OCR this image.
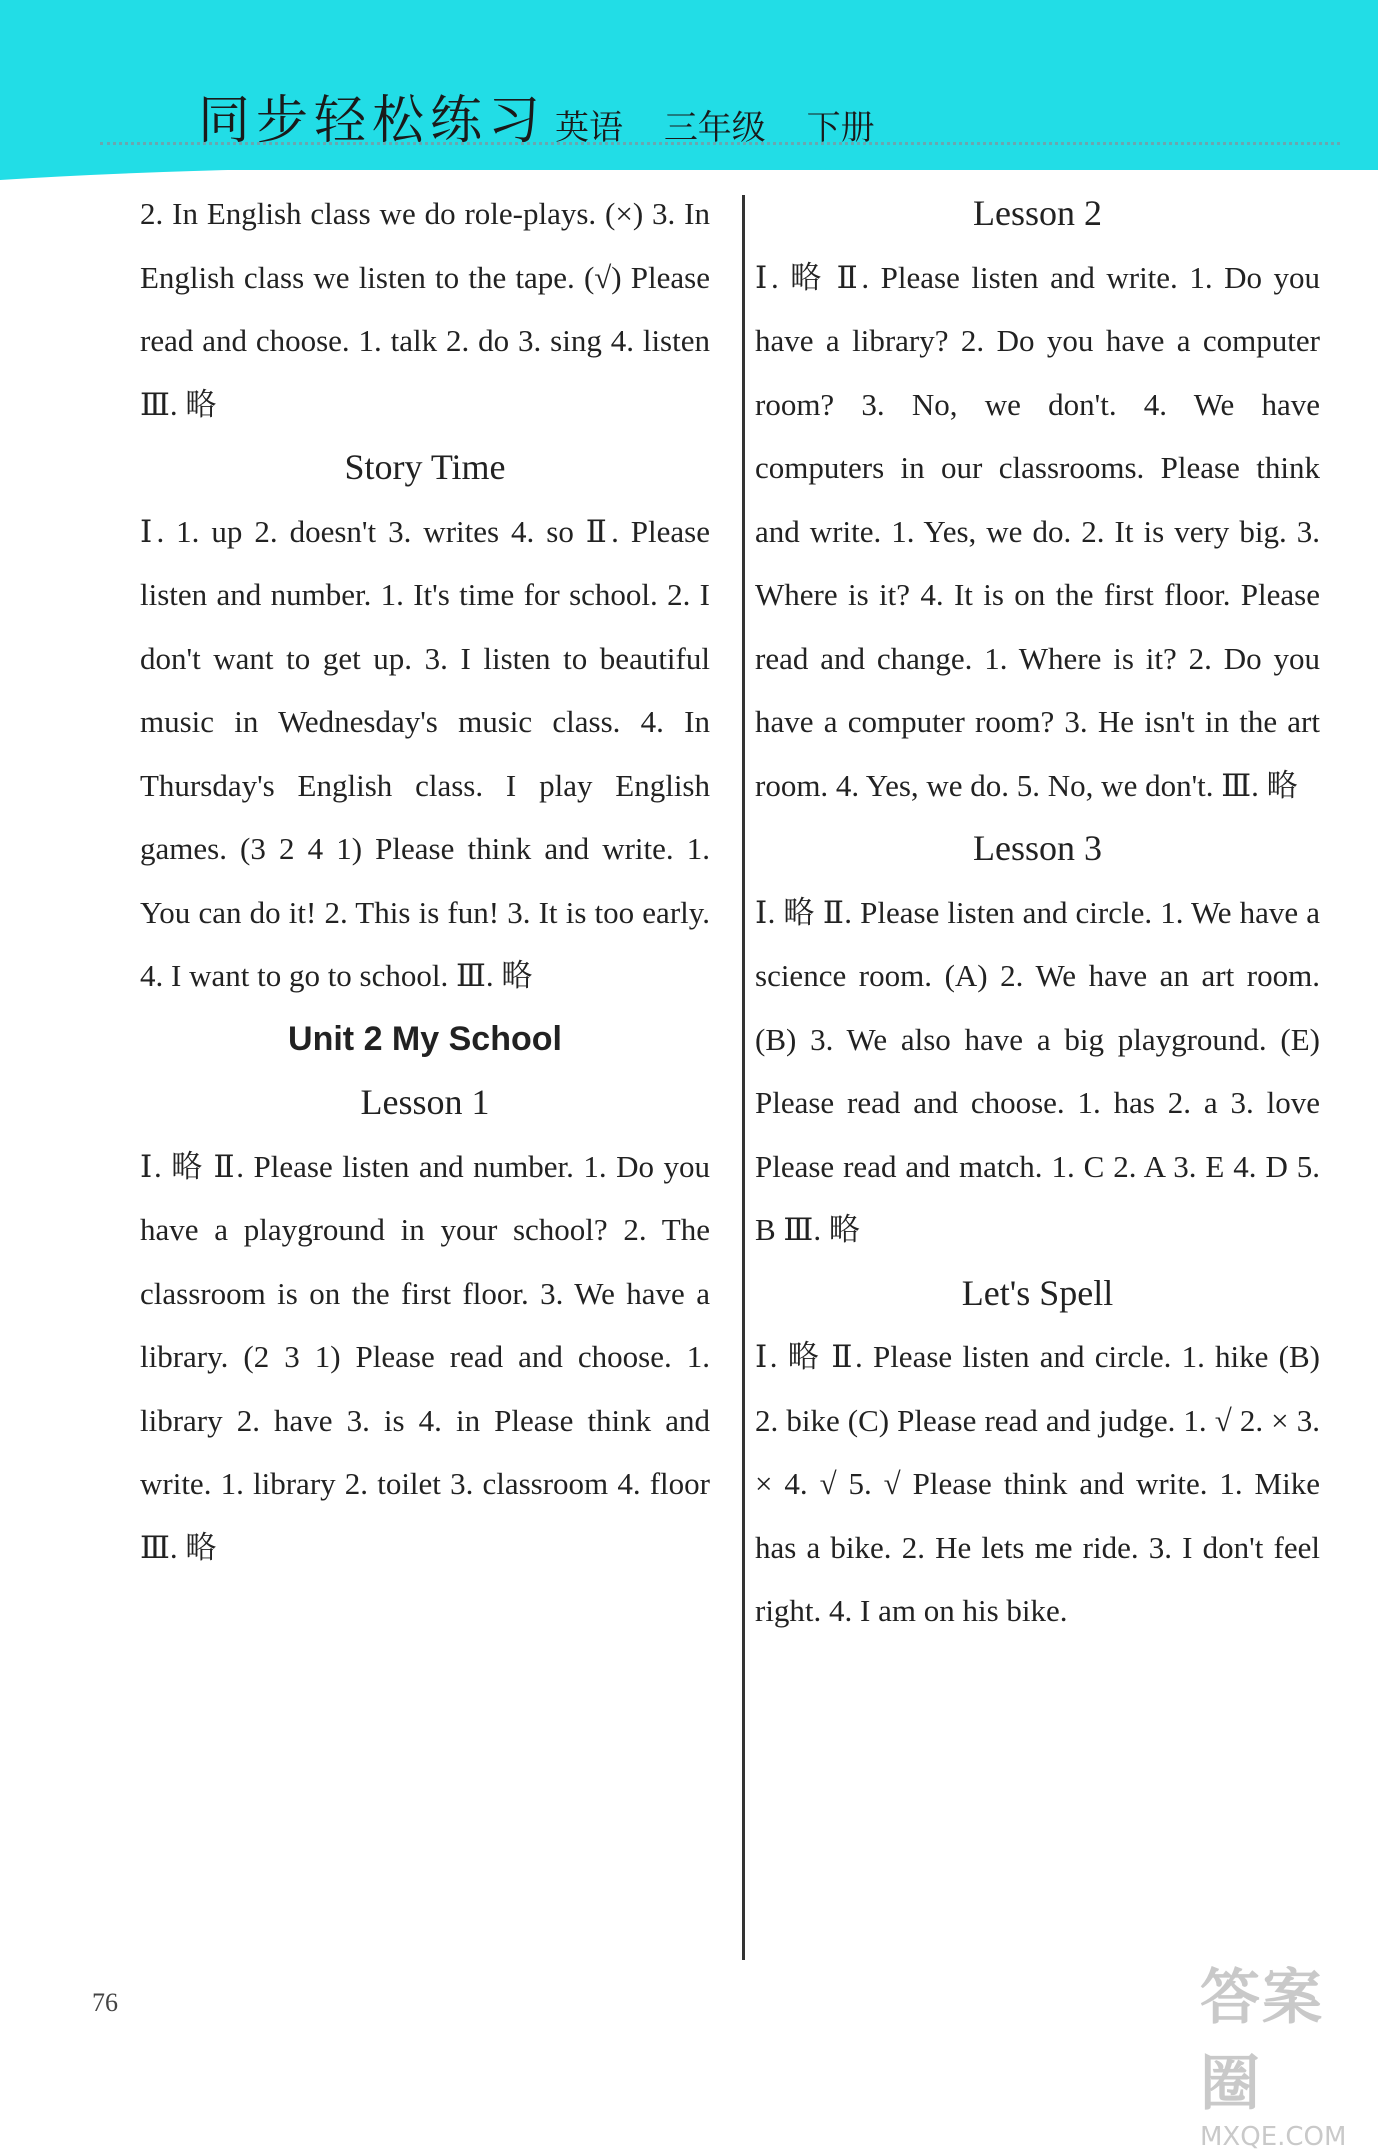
同步轻松练习 英语 三年级 下册

2. In English class we do role-plays. (×) 3. In English class we listen to the tape. (√) Please read and choose. 1. talk 2. do 3. sing 4. listen Ⅲ. 略

Story Time

Ⅰ. 1. up 2. doesn't 3. writes 4. so Ⅱ. Please listen and number. 1. It's time for school. 2. I don't want to get up. 3. I listen to beautiful music in Wednesday's music class. 4. In Thursday's English class. I play English games. (3 2 4 1) Please think and write. 1. You can do it! 2. This is fun! 3. It is too early. 4. I want to go to school. Ⅲ. 略

Unit 2 My School

Lesson 1

Ⅰ. 略 Ⅱ. Please listen and number. 1. Do you have a playground in your school? 2. The classroom is on the first floor. 3. We have a library. (2 3 1) Please read and choose. 1. library 2. have 3. is 4. in Please think and write. 1. library 2. toilet 3. classroom 4. floor Ⅲ. 略

Lesson 2

Ⅰ. 略 Ⅱ. Please listen and write. 1. Do you have a library? 2. Do you have a computer room? 3. No, we don't. 4. We have computers in our classrooms. Please think and write. 1. Yes, we do. 2. It is very big. 3. Where is it? 4. It is on the first floor. Please read and change. 1. Where is it? 2. Do you have a computer room? 3. He isn't in the art room. 4. Yes, we do. 5. No, we don't. Ⅲ. 略

Lesson 3

Ⅰ. 略 Ⅱ. Please listen and circle. 1. We have a science room. (A) 2. We have an art room. (B) 3. We also have a big playground. (E) Please read and choose. 1. has 2. a 3. love Please read and match. 1. C 2. A 3. E 4. D 5. B Ⅲ. 略

Let's Spell

Ⅰ. 略 Ⅱ. Please listen and circle. 1. hike (B) 2. bike (C) Please read and judge. 1. √ 2. × 3. × 4. √ 5. √ Please think and write. 1. Mike has a bike. 2. He lets me ride. 3. I don't feel right. 4. I am on his bike.

76	答案圈
MXQE.COM
